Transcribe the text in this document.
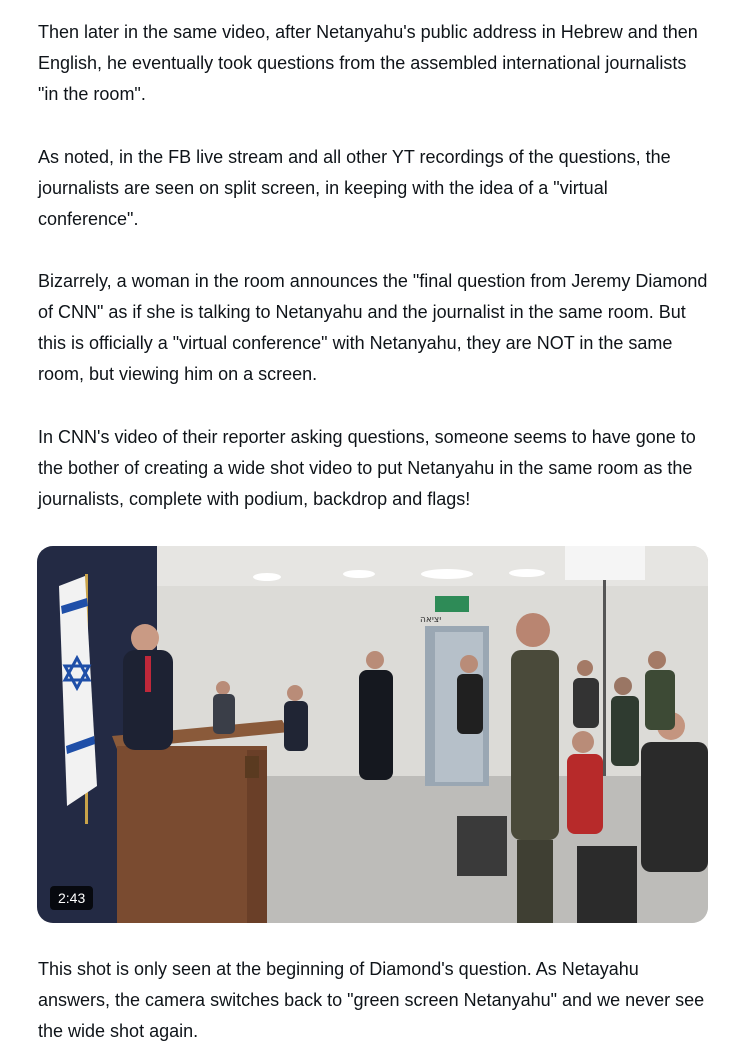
Then later in the same video, after Netanyahu's public address in Hebrew and then English, he eventually took questions from the assembled international journalists "in the room".

As noted, in the FB live stream and all other YT recordings of the questions, the journalists are seen on split screen, in keeping with the idea of a "virtual conference".

Bizarrely, a woman in the room announces the "final question from Jeremy Diamond of CNN" as if she is talking to Netanyahu and the journalist in the same room. But this is officially a "virtual conference" with Netanyahu, they are NOT in the same room, but viewing him on a screen.

In CNN's video of their reporter asking questions, someone seems to have gone to the bother of creating a wide shot video to put Netanyahu in the same room as the journalists, complete with podium, backdrop and flags!

This shot is only seen at the beginning of Diamond's question. As Netayahu answers, the camera switches back to "green screen Netanyahu" and we never see the wide shot again.

יציאה
2:43
